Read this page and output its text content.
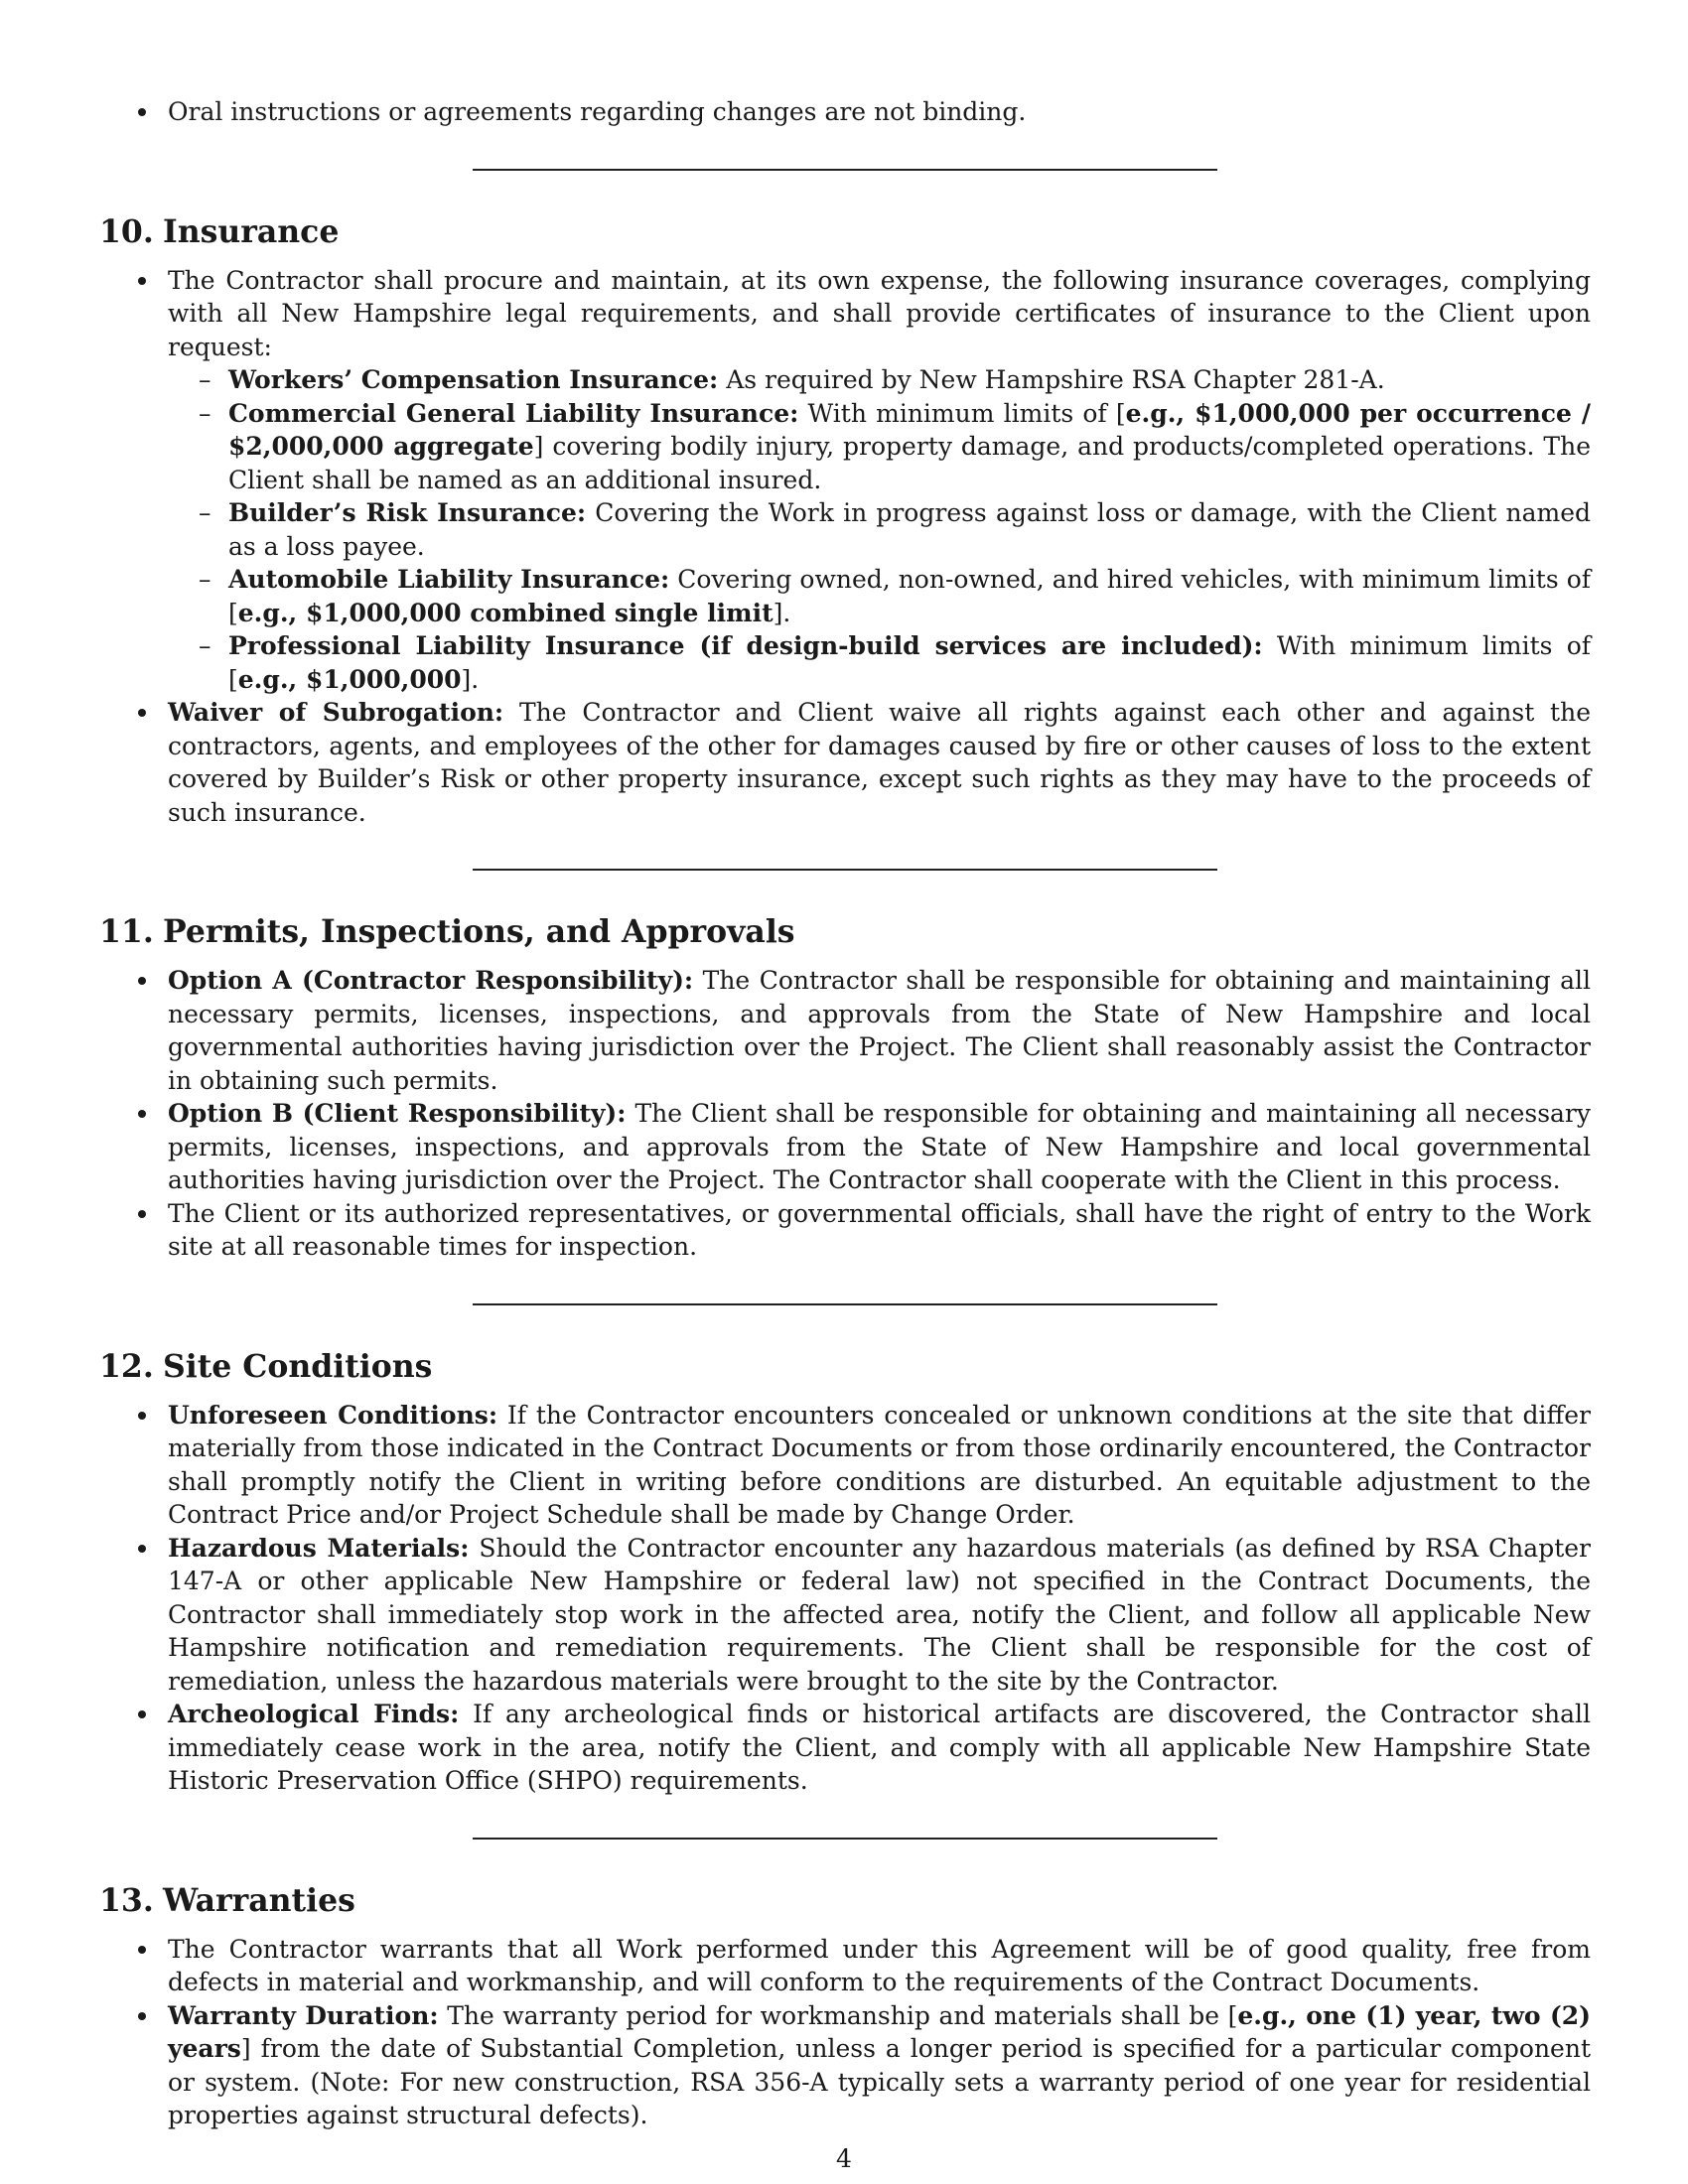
Oral instructions or agreements regarding changes are not binding.
10. Insurance
The Contractor shall procure and maintain, at its own expense, the following insurance coverages, complying with all New Hampshire legal requirements, and shall provide certificates of insurance to the Client upon request:
– Workers’ Compensation Insurance: As required by New Hampshire RSA Chapter 281-A.
– Commercial General Liability Insurance: With minimum limits of [e.g., $1,000,000 per occurrence / $2,000,000 aggregate] covering bodily injury, property damage, and products/completed operations. The Client shall be named as an additional insured.
– Builder’s Risk Insurance: Covering the Work in progress against loss or damage, with the Client named as a loss payee.
– Automobile Liability Insurance: Covering owned, non-owned, and hired vehicles, with minimum limits of [e.g., $1,000,000 combined single limit].
– Professional Liability Insurance (if design-build services are included): With minimum limits of [e.g., $1,000,000].
Waiver of Subrogation: The Contractor and Client waive all rights against each other and against the contractors, agents, and employees of the other for damages caused by fire or other causes of loss to the extent covered by Builder’s Risk or other property insurance, except such rights as they may have to the proceeds of such insurance.
11. Permits, Inspections, and Approvals
Option A (Contractor Responsibility): The Contractor shall be responsible for obtaining and maintaining all necessary permits, licenses, inspections, and approvals from the State of New Hampshire and local governmental authorities having jurisdiction over the Project. The Client shall reasonably assist the Contractor in obtaining such permits.
Option B (Client Responsibility): The Client shall be responsible for obtaining and maintaining all necessary permits, licenses, inspections, and approvals from the State of New Hampshire and local governmental authorities having jurisdiction over the Project. The Contractor shall cooperate with the Client in this process.
The Client or its authorized representatives, or governmental officials, shall have the right of entry to the Work site at all reasonable times for inspection.
12. Site Conditions
Unforeseen Conditions: If the Contractor encounters concealed or unknown conditions at the site that differ materially from those indicated in the Contract Documents or from those ordinarily encountered, the Contractor shall promptly notify the Client in writing before conditions are disturbed. An equitable adjustment to the Contract Price and/or Project Schedule shall be made by Change Order.
Hazardous Materials: Should the Contractor encounter any hazardous materials (as defined by RSA Chapter 147-A or other applicable New Hampshire or federal law) not specified in the Contract Documents, the Contractor shall immediately stop work in the affected area, notify the Client, and follow all applicable New Hampshire notification and remediation requirements. The Client shall be responsible for the cost of remediation, unless the hazardous materials were brought to the site by the Contractor.
Archeological Finds: If any archeological finds or historical artifacts are discovered, the Contractor shall immediately cease work in the area, notify the Client, and comply with all applicable New Hampshire State Historic Preservation Office (SHPO) requirements.
13. Warranties
The Contractor warrants that all Work performed under this Agreement will be of good quality, free from defects in material and workmanship, and will conform to the requirements of the Contract Documents.
Warranty Duration: The warranty period for workmanship and materials shall be [e.g., one (1) year, two (2) years] from the date of Substantial Completion, unless a longer period is specified for a particular component or system. (Note: For new construction, RSA 356-A typically sets a warranty period of one year for residential properties against structural defects).
4
